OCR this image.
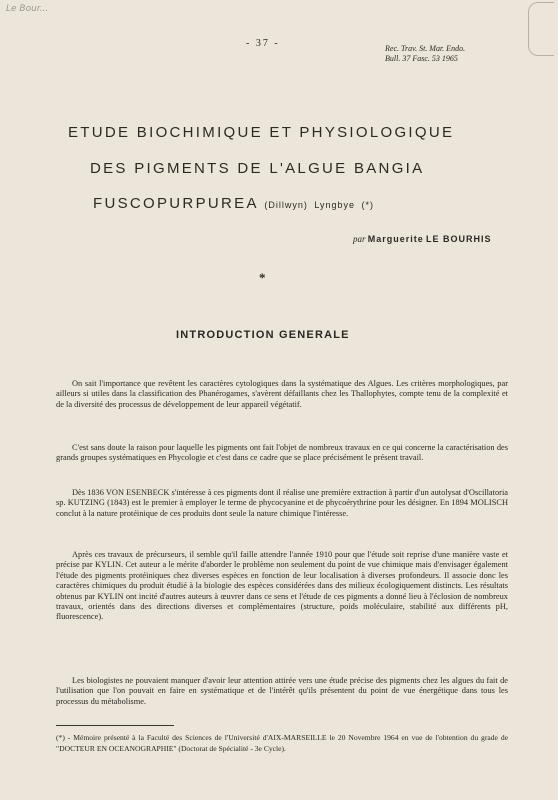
Le Bour...
- 37 -	Rec. Trav. St. Mar. Endo.
Bull. 37 Fasc. 53 1965
ETUDE BIOCHIMIQUE ET PHYSIOLOGIQUE
DES PIGMENTS DE L'ALGUE BANGIA
FUSCOPURPUREA (Dillwyn) Lyngbye (*)
par Marguerite LE BOURHIS
*
INTRODUCTION GENERALE

On sait l'importance que revêtent les caractères cytologiques dans la systématique des Algues. Les critères morphologiques, par ailleurs si utiles dans la classification des Phanérogames, s'avèrent défaillants chez les Thallophytes, compte tenu de la complexité et de la diversité des processus de développement de leur appareil végétatif.

C'est sans doute la raison pour laquelle les pigments ont fait l'objet de nombreux travaux en ce qui concerne la caractérisation des grands groupes systématiques en Phycologie et c'est dans ce cadre que se place précisément le présent travail.

Dès 1836 VON ESENBECK s'intéresse à ces pigments dont il réalise une première extraction à partir d'un autolysat d'Oscillatoria sp. KUTZING (1843) est le premier à employer le terme de phycocyanine et de phycoérythrine pour les désigner. En 1894 MOLISCH conclut à la nature protéinique de ces produits dont seule la nature chimique l'intéresse.

Après ces travaux de précurseurs, il semble qu'il faille attendre l'année 1910 pour que l'étude soit reprise d'une manière vaste et précise par KYLIN. Cet auteur a le mérite d'aborder le problème non seulement du point de vue chimique mais d'envisager également l'étude des pigments protéiniques chez diverses espèces en fonction de leur localisation à diverses profondeurs. Il associe donc les caractères chimiques du produit étudié à la biologie des espèces considérées dans des milieux écologiquement distincts. Les résultats obtenus par KYLIN ont incité d'autres auteurs à œuvrer dans ce sens et l'étude de ces pigments a donné lieu à l'éclosion de nombreux travaux, orientés dans des directions diverses et complémentaires (structure, poids moléculaire, stabilité aux différents pH, fluorescence).

Les biologistes ne pouvaient manquer d'avoir leur attention attirée vers une étude précise des pigments chez les algues du fait de l'utilisation que l'on pouvait en faire en systématique et de l'intérêt qu'ils présentent du point de vue énergétique dans tous les processus du métabolisme.

(*) - Mémoire présenté à la Faculté des Sciences de l'Université d'AIX-MARSEILLE le 20 Novembre 1964 en vue de l'obtention du grade de "DOCTEUR EN OCEANOGRAPHIE" (Doctorat de Spécialité - 3e Cycle).
